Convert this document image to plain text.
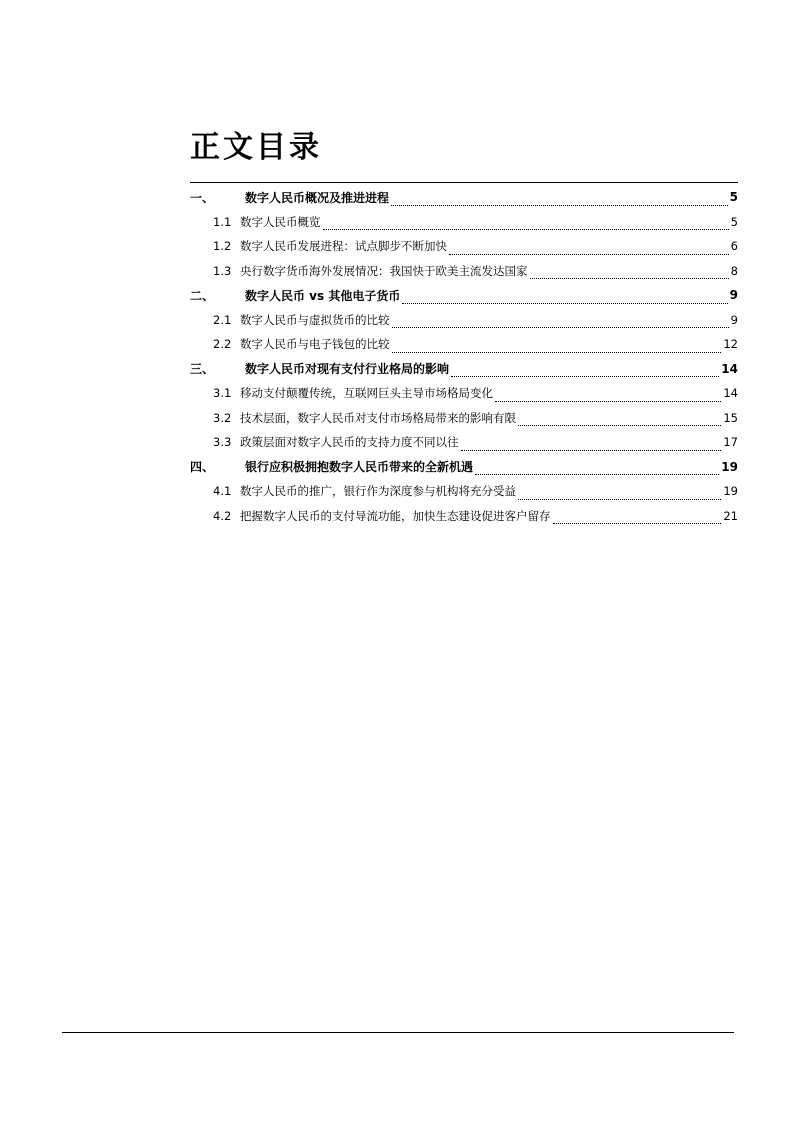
正文目录
一、	数字人民币概况及推进进程	5
1.1 数字人民币概览	5
1.2 数字人民币发展进程：试点脚步不断加快	6
1.3 央行数字货币海外发展情况：我国快于欧美主流发达国家	8
二、	数字人民币 vs 其他电子货币	9
2.1 数字人民币与虚拟货币的比较	9
2.2 数字人民币与电子钱包的比较	12
三、	数字人民币对现有支付行业格局的影响	14
3.1 移动支付颠覆传统，互联网巨头主导市场格局变化	14
3.2 技术层面，数字人民币对支付市场格局带来的影响有限	15
3.3 政策层面对数字人民币的支持力度不同以往	17
四、	银行应积极拥抱数字人民币带来的全新机遇	19
4.1 数字人民币的推广，银行作为深度参与机构将充分受益	19
4.2 把握数字人民币的支付导流功能，加快生态建设促进客户留存	21
